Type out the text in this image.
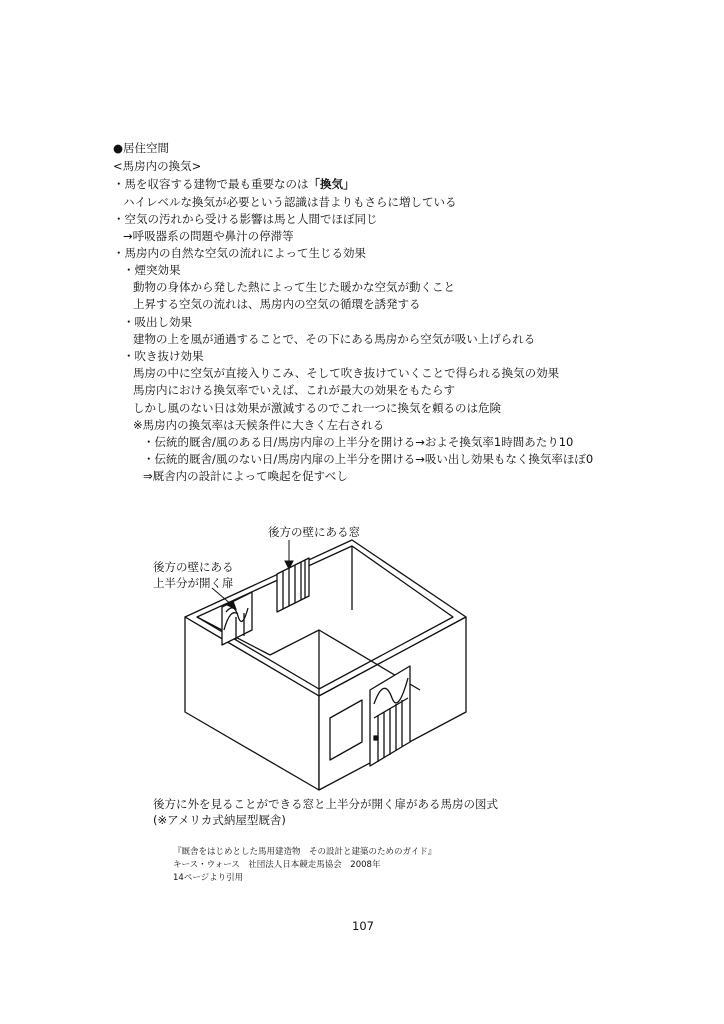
●居住空間
<馬房内の換気>
・馬を収容する建物で最も重要なのは「換気」
ハイレベルな換気が必要という認識は昔よりもさらに増している
・空気の汚れから受ける影響は馬と人間でほぼ同じ
→呼吸器系の問題や鼻汁の停滞等
・馬房内の自然な空気の流れによって生じる効果
・煙突効果
動物の身体から発した熱によって生じた暖かな空気が動くこと
上昇する空気の流れは、馬房内の空気の循環を誘発する
・吸出し効果
建物の上を風が通過することで、その下にある馬房から空気が吸い上げられる
・吹き抜け効果
馬房の中に空気が直接入りこみ、そして吹き抜けていくことで得られる換気の効果
馬房内における換気率でいえば、これが最大の効果をもたらす
しかし風のない日は効果が激減するのでこれ一つに換気を頼るのは危険
※馬房内の換気率は天候条件に大きく左右される
・伝統的厩舎/風のある日/馬房内扉の上半分を開ける→およそ換気率1時間あたり10
・伝統的厩舎/風のない日/馬房内扉の上半分を開ける→吸い出し効果もなく換気率ほぼ0
⇒厩舎内の設計によって喚起を促すべし
後方の壁にある窓
後方の壁にある
上半分が開く扉
後方に外を見ることができる窓と上半分が開く扉がある馬房の図式
(※アメリカ式納屋型厩舎)
『厩舎をはじめとした馬用建造物　その設計と建築のためのガイド』
キース・ウォース　社団法人日本競走馬協会　2008年
14ページより引用
107
